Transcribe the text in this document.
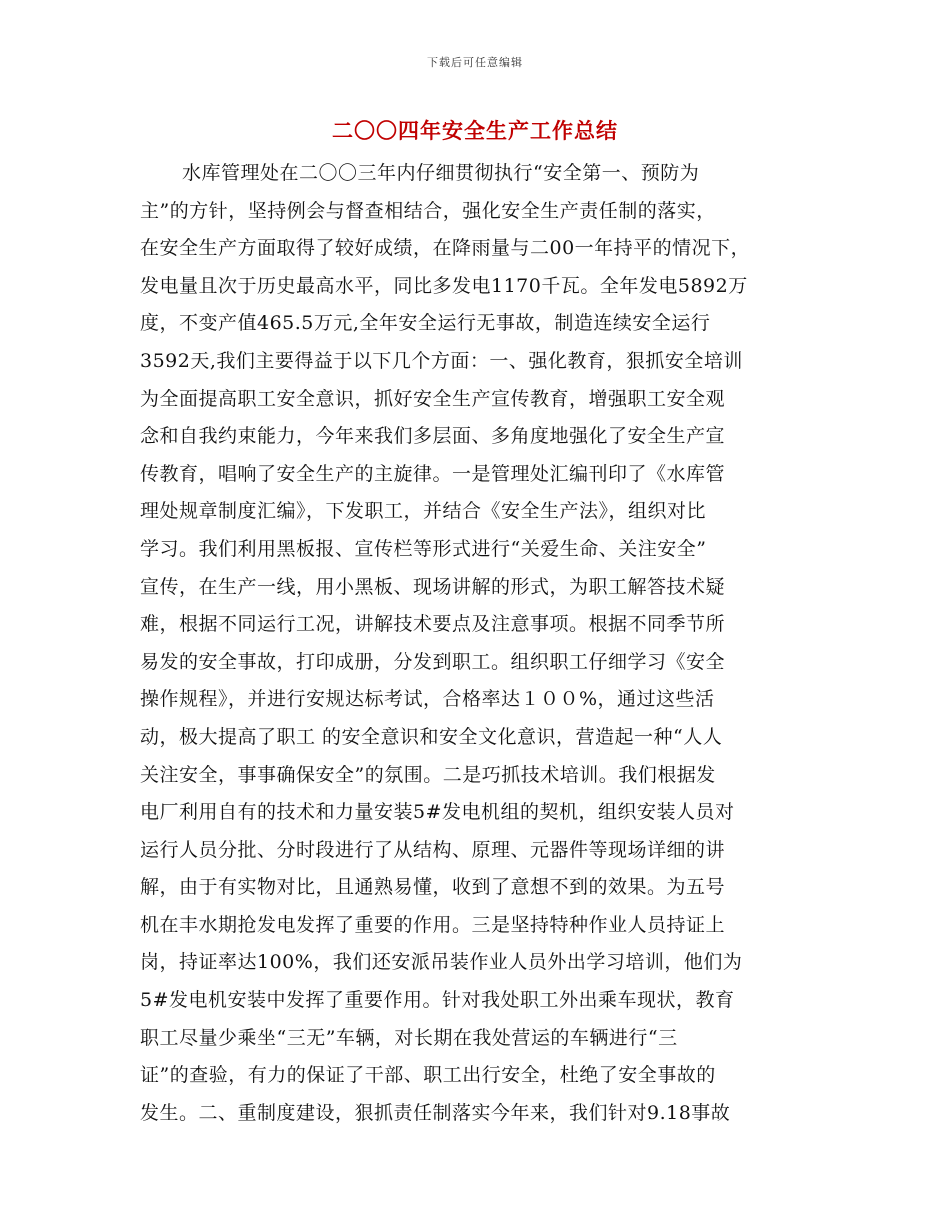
下载后可任意编辑
二〇〇四年安全生产工作总结
水库管理处在二〇〇三年内仔细贯彻执行“安全第一、预防为
主”的方针，坚持例会与督查相结合，强化安全生产责任制的落实，
在安全生产方面取得了较好成绩，在降雨量与二00一年持平的情况下，
发电量且次于历史最高水平，同比多发电1170千瓦。全年发电5892万
度，不变产值465.5万元,全年安全运行无事故，制造连续安全运行
3592天,我们主要得益于以下几个方面：一、强化教育，狠抓安全培训
为全面提高职工安全意识，抓好安全生产宣传教育，增强职工安全观
念和自我约束能力，今年来我们多层面、多角度地强化了安全生产宣
传教育，唱响了安全生产的主旋律。一是管理处汇编刊印了《水库管
理处规章制度汇编》，下发职工，并结合《安全生产法》，组织对比
学习。我们利用黑板报、宣传栏等形式进行“关爱生命、关注安全”
宣传，在生产一线，用小黑板、现场讲解的形式，为职工解答技术疑
难，根据不同运行工况，讲解技术要点及注意事项。根据不同季节所
易发的安全事故，打印成册，分发到职工。组织职工仔细学习《安全
操作规程》，并进行安规达标考试，合格率达１００%，通过这些活
动，极大提高了职工 的安全意识和安全文化意识，营造起一种“人人
关注安全，事事确保安全”的氛围。二是巧抓技术培训。我们根据发
电厂利用自有的技术和力量安装5#发电机组的契机，组织安装人员对
运行人员分批、分时段进行了从结构、原理、元器件等现场详细的讲
解，由于有实物对比，且通熟易懂，收到了意想不到的效果。为五号
机在丰水期抢发电发挥了重要的作用。三是坚持特种作业人员持证上
岗，持证率达100%，我们还安派吊装作业人员外出学习培训，他们为
5#发电机安装中发挥了重要作用。针对我处职工外出乘车现状，教育
职工尽量少乘坐“三无”车辆，对长期在我处营运的车辆进行“三
证”的查验，有力的保证了干部、职工出行安全，杜绝了安全事故的
发生。二、重制度建设，狠抓责任制落实今年来，我们针对9.18事故
